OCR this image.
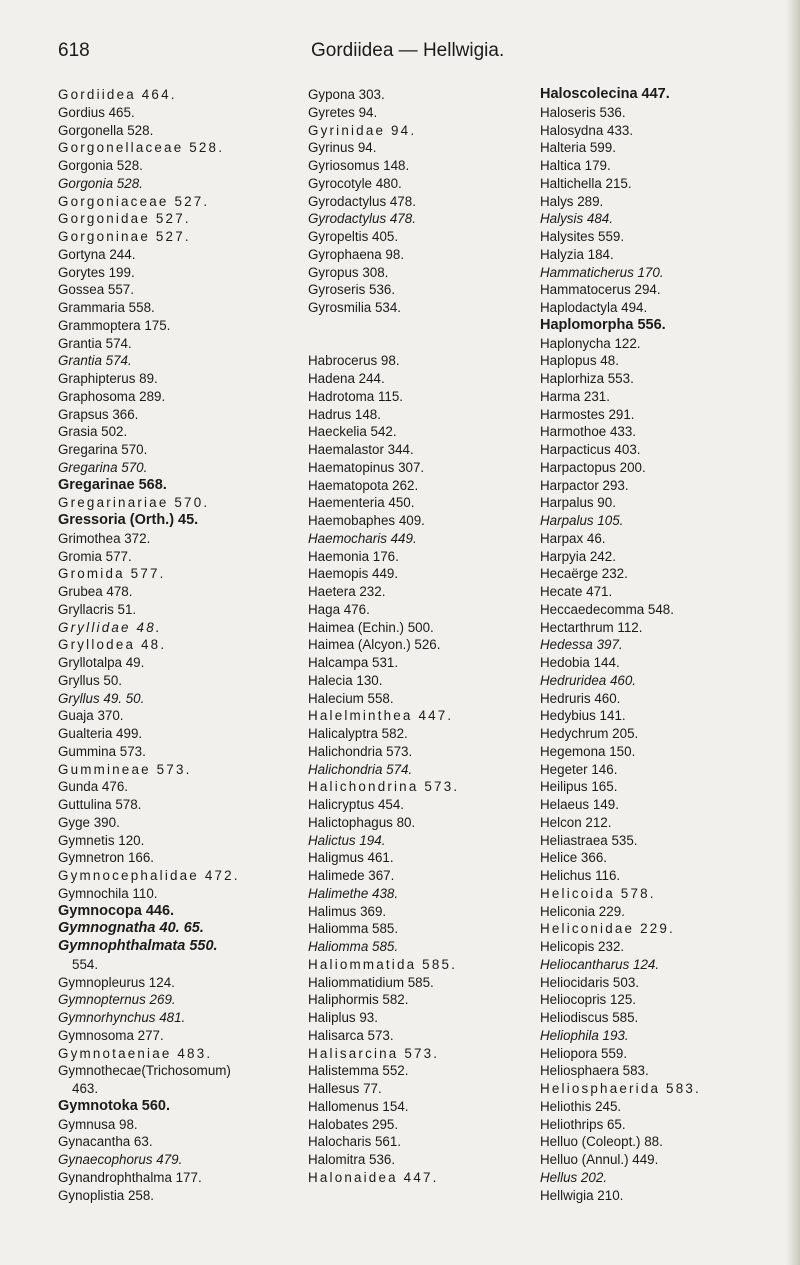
618	Gordiidea — Hellwigia.
Gordiidea 464.
Gordius 465.
Gorgonella 528.
Gorgonellaceae 528.
Gorgonia 528.
Gorgonia 528.
Gorgoniaceae 527.
Gorgonidae 527.
Gorgoninae 527.
Gortyna 244.
Gorytes 199.
Gossea 557.
Grammaria 558.
Grammoptera 175.
Grantia 574.
Grantia 574.
Graphipterus 89.
Graphosoma 289.
Grapsus 366.
Grasia 502.
Gregarina 570.
Gregarina 570.
Gregarinae 568.
Gregarinariae 570.
Gressoria (Orth.) 45.
Grimothea 372.
Gromia 577.
Gromida 577.
Grubea 478.
Gryllacris 51.
Gryllidae 48.
Gryllodea 48.
Gryllotalpa 49.
Gryllus 50.
Gryllus 49. 50.
Guaja 370.
Gualteria 499.
Gummina 573.
Gummineae 573.
Gunda 476.
Guttulina 578.
Gyge 390.
Gymnetis 120.
Gymnetron 166.
Gymnocephalidae 472.
Gymnochila 110.
Gymnocopa 446.
Gymnognatha 40. 65.
Gymnophthalmata 550.
554.
Gymnopleurus 124.
Gymnopternus 269.
Gymnorhynchus 481.
Gymnosoma 277.
Gymnotaeniae 483.
Gymnothecae(Trichosomum)
463.
Gymnotoka 560.
Gymnusa 98.
Gynacantha 63.
Gynaecophorus 479.
Gynandrophthalma 177.
Gynoplistia 258.
Gypona 303.
Gyretes 94.
Gyrinidae 94.
Gyrinus 94.
Gyriosomus 148.
Gyrocotyle 480.
Gyrodactylus 478.
Gyrodactylus 478.
Gyropeltis 405.
Gyrophaena 98.
Gyropus 308.
Gyroseris 536.
Gyrosmilia 534.
Habrocerus 98.
Hadena 244.
Hadrotoma 115.
Hadrus 148.
Haeckelia 542.
Haemalastor 344.
Haematopinus 307.
Haematopota 262.
Haementeria 450.
Haemobaphes 409.
Haemocharis 449.
Haemonia 176.
Haemopis 449.
Haetera 232.
Haga 476.
Haimea (Echin.) 500.
Haimea (Alcyon.) 526.
Halcampa 531.
Halecia 130.
Halecium 558.
Halelminthea 447.
Halicalyptra 582.
Halichondria 573.
Halichondria 574.
Halichondrina 573.
Halicryptus 454.
Halictophagus 80.
Halictus 194.
Haligmus 461.
Halimede 367.
Halimethe 438.
Halimus 369.
Haliomma 585.
Haliomma 585.
Haliommatida 585.
Haliommatidium 585.
Haliphormis 582.
Haliplus 93.
Halisarca 573.
Halisarcina 573.
Halistemma 552.
Hallesus 77.
Hallomenus 154.
Halobates 295.
Halocharis 561.
Halomitra 536.
Halonaidea 447.
Haloscolecina 447.
Haloseris 536.
Halosydna 433.
Halteria 599.
Haltica 179.
Haltichella 215.
Halys 289.
Halysis 484.
Halysites 559.
Halyzia 184.
Hammaticherus 170.
Hammatocerus 294.
Haplodactyla 494.
Haplomorpha 556.
Haplonycha 122.
Haplopus 48.
Haplorhiza 553.
Harma 231.
Harmostes 291.
Harmothoe 433.
Harpacticus 403.
Harpactopus 200.
Harpactor 293.
Harpalus 90.
Harpalus 105.
Harpax 46.
Harpyia 242.
Hecaërge 232.
Hecate 471.
Heccaedecomma 548.
Hectarthrum 112.
Hedessa 397.
Hedobia 144.
Hedruridea 460.
Hedruris 460.
Hedybius 141.
Hedychrum 205.
Hegemona 150.
Hegeter 146.
Heilipus 165.
Helaeus 149.
Helcon 212.
Heliastraea 535.
Helice 366.
Helichus 116.
Helicoida 578.
Heliconia 229.
Heliconidae 229.
Helicopis 232.
Heliocantharus 124.
Heliocidaris 503.
Heliocopris 125.
Heliodiscus 585.
Heliophila 193.
Heliopora 559.
Heliosphaera 583.
Heliosphaerida 583.
Heliothis 245.
Heliothrips 65.
Helluo (Coleopt.) 88.
Helluo (Annul.) 449.
Hellus 202.
Hellwigia 210.
